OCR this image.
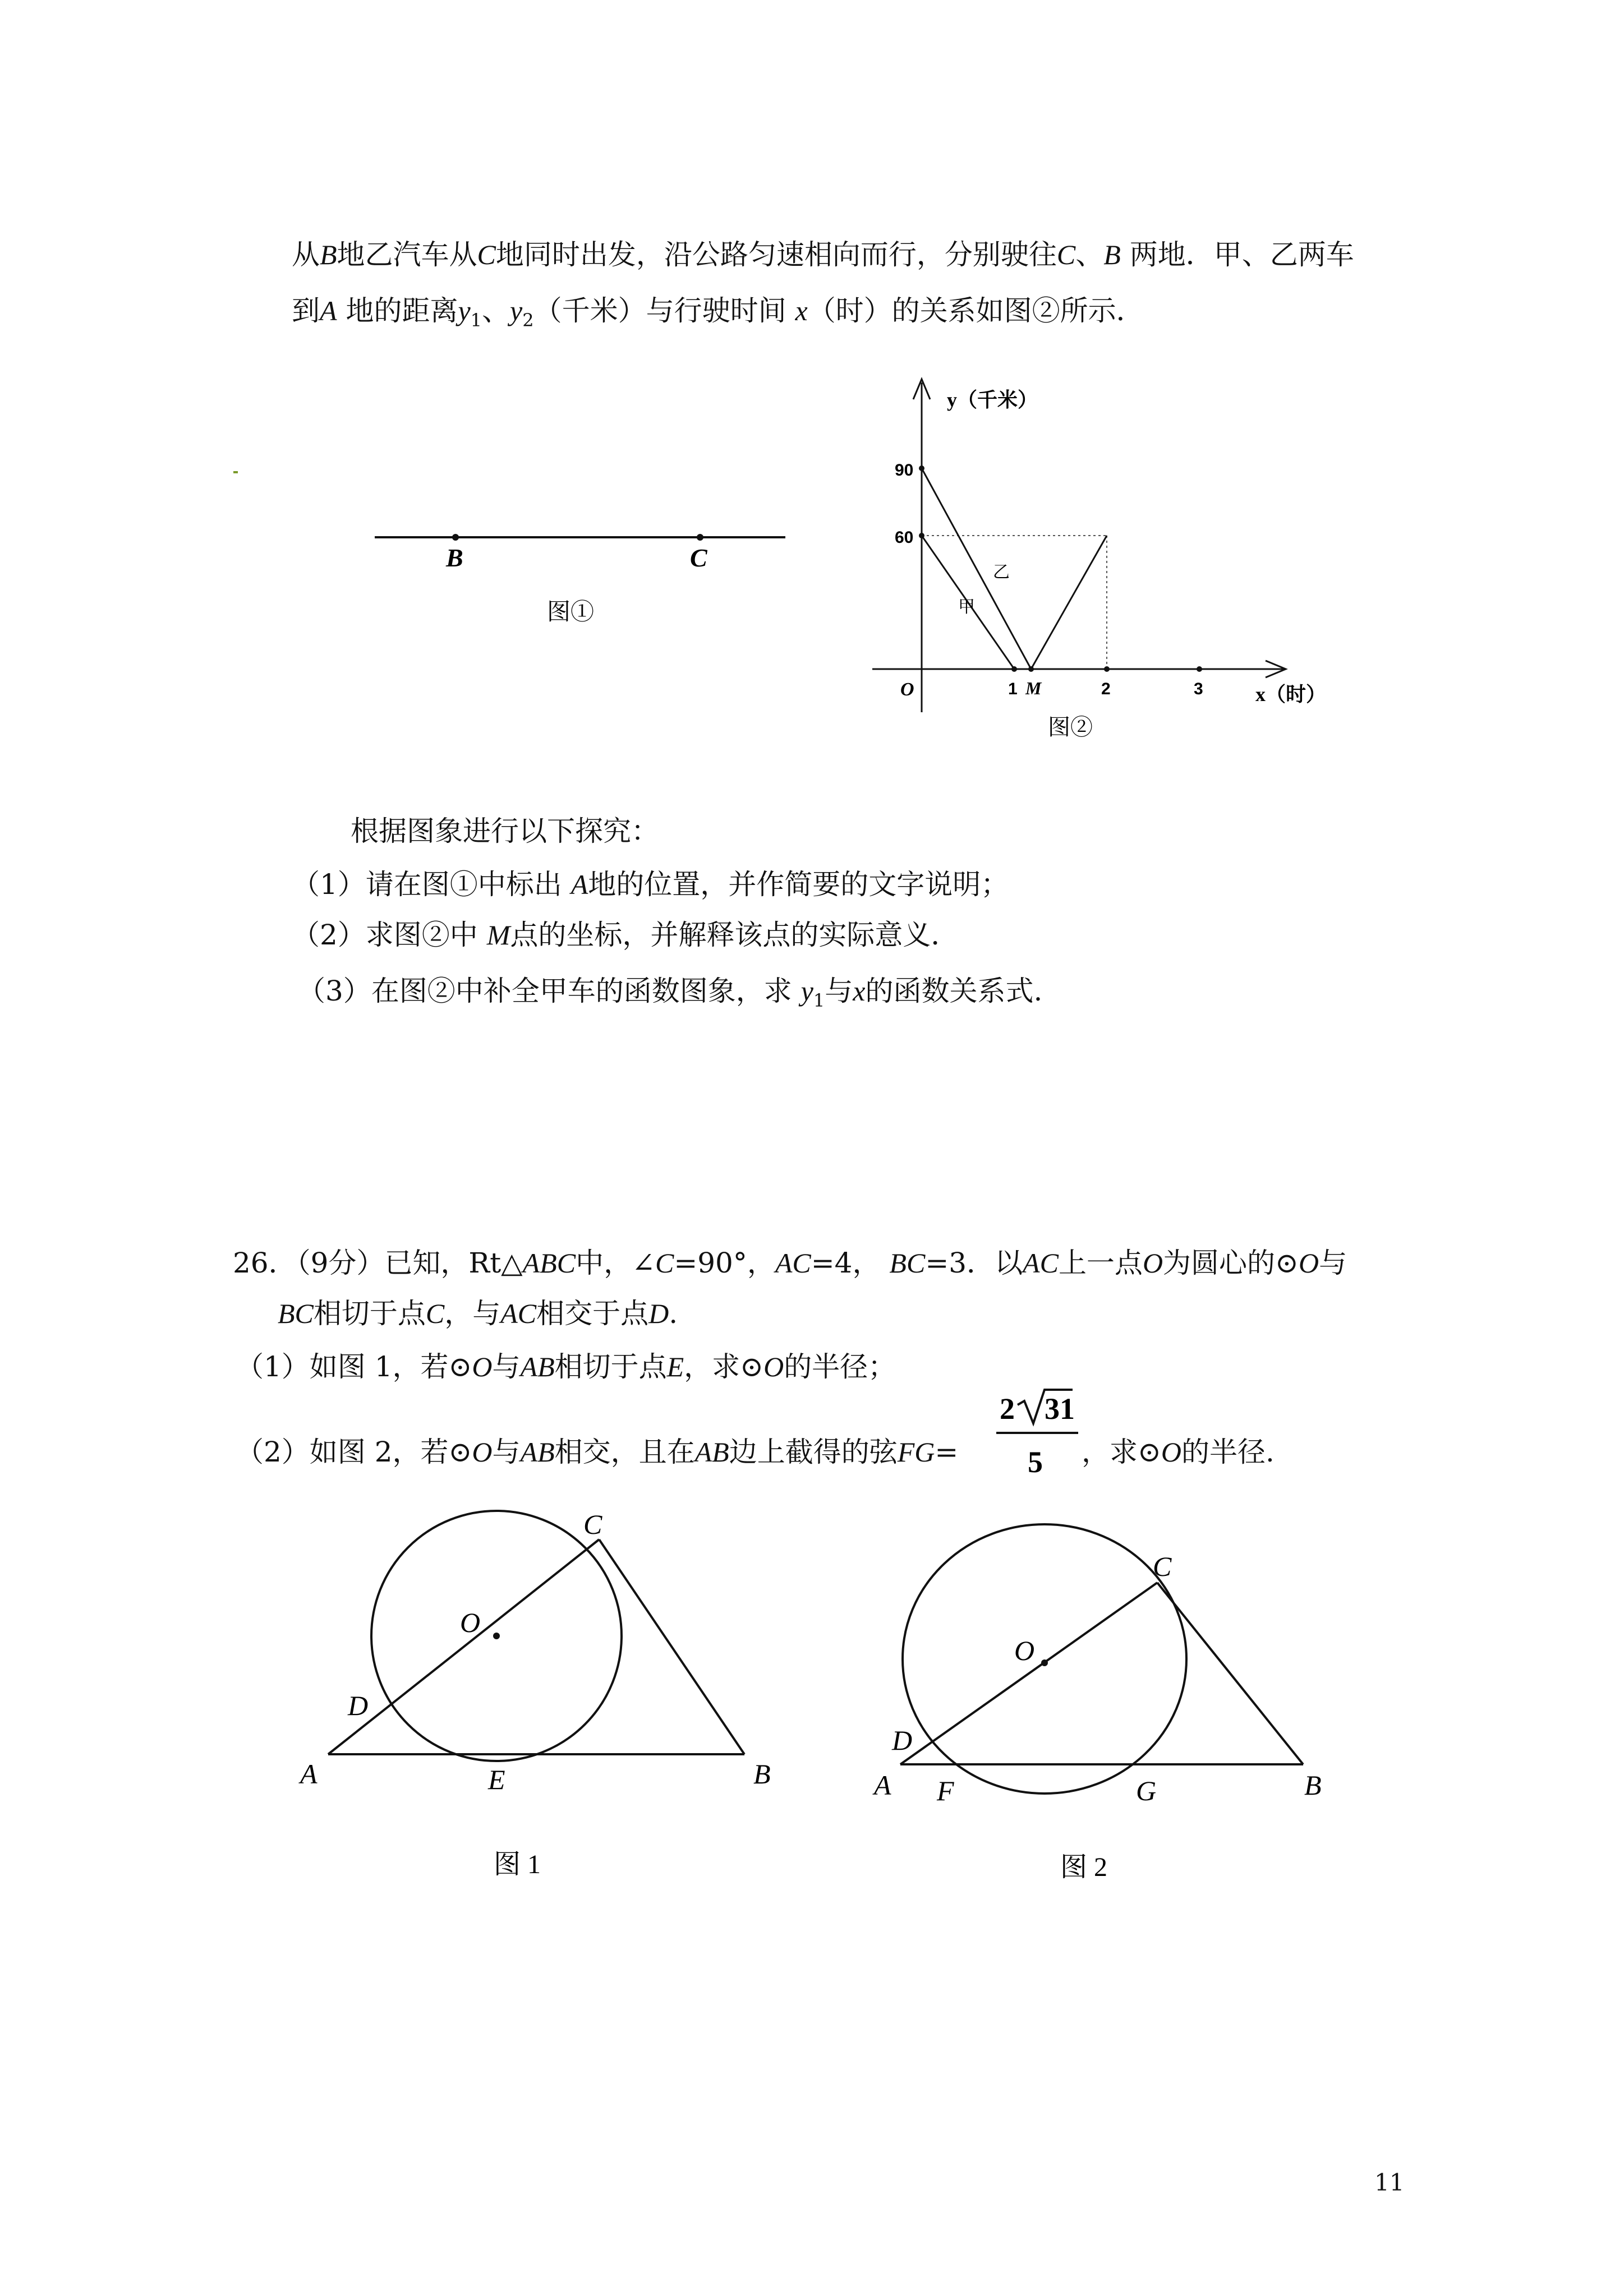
从B地乙汽车从C地同时出发，沿公路匀速相向而行，分别驶往C、B 两地．甲、乙两车
到A 地的距离$y_1$、$y_2$（千米）与行驶时间 x（时）的关系如图②所示．
B	C
图①
y（千米）
x（时）
O
90
60
1 M	2	3
乙
甲
图②
根据图象进行以下探究：
（1）请在图①中标出 A地的位置，并作简要的文字说明；
（2）求图②中 M点的坐标，并解释该点的实际意义．
（3）在图②中补全甲车的函数图象，求 $y_1$与x的函数关系式.
26．（9分）已知，Rt△ABC中，∠C=90°，AC=4， BC=3．以AC上一点O为圆心的⊙O与
BC相切于点C，与AC相交于点D.
（1）如图 1，若⊙O与AB相切于点E，求⊙O的半径；
（2）如图 2，若⊙O与AB相交，且在AB边上截得的弦FG=
2 31
5 ，求⊙O的半径.
C
O
D
A	E	B
图 1
C
O
D
A F	G	B
图 2
11
